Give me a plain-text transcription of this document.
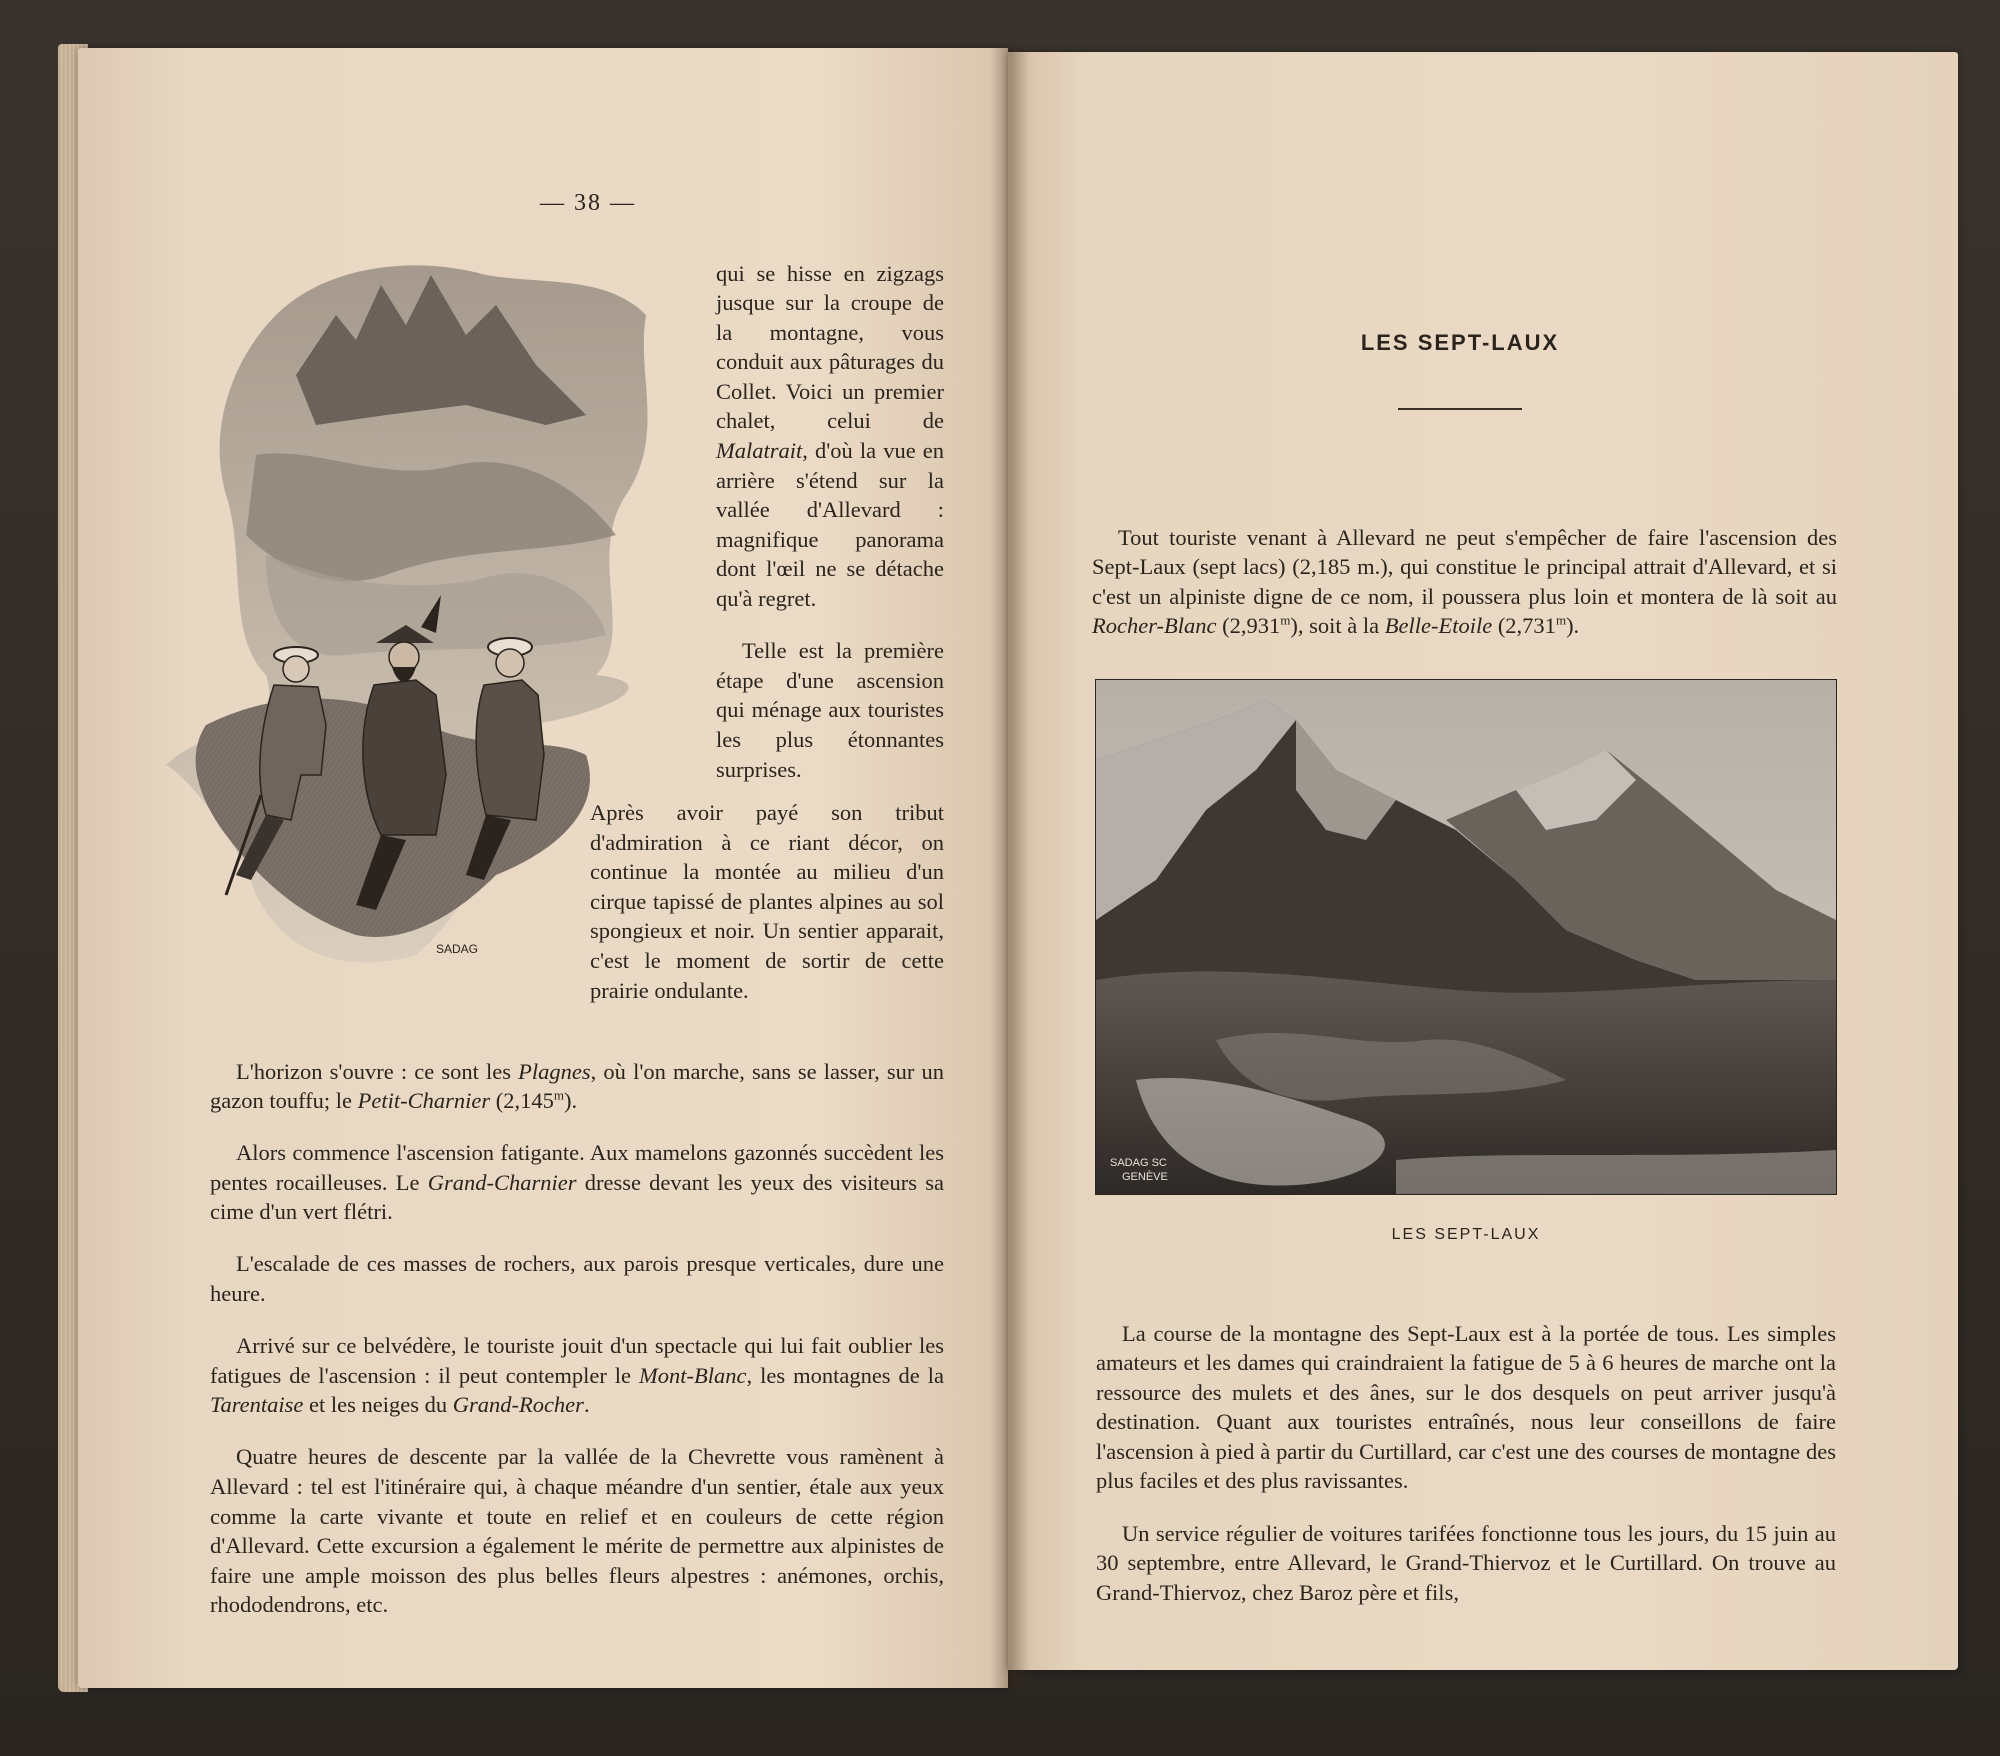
— 38 —
SADAG

qui se hisse en zigzags jusque sur la croupe de la montagne, vous conduit aux pâturages du Collet. Voici un premier chalet, celui de Malatrait, d'où la vue en arrière s'étend sur la vallée d'Allevard : magnifique panorama dont l'œil ne se détache qu'à regret.

Telle est la première étape d'une ascension qui ménage aux touristes les plus étonnantes surprises.

Après avoir payé son tribut d'admiration à ce riant décor, on continue la montée au milieu d'un cirque tapissé de plantes alpines au sol spongieux et noir. Un sentier apparait, c'est le moment de sortir de cette prairie ondulante.

L'horizon s'ouvre : ce sont les Plagnes, où l'on marche, sans se lasser, sur un gazon touffu; le Petit-Charnier (2,145$^m$).

Alors commence l'ascension fatigante. Aux mamelons gazonnés succèdent les pentes rocailleuses. Le Grand-Charnier dresse devant les yeux des visiteurs sa cime d'un vert flétri.

L'escalade de ces masses de rochers, aux parois presque verticales, dure une heure.

Arrivé sur ce belvédère, le touriste jouit d'un spectacle qui lui fait oublier les fatigues de l'ascension : il peut contempler le Mont-Blanc, les montagnes de la Tarentaise et les neiges du Grand-Rocher.

Quatre heures de descente par la vallée de la Chevrette vous ramènent à Allevard : tel est l'itinéraire qui, à chaque méandre d'un sentier, étale aux yeux comme la carte vivante et toute en relief et en couleurs de cette région d'Allevard. Cette excursion a également le mérite de permettre aux alpinistes de faire une ample moisson des plus belles fleurs alpestres : anémones, orchis, rhododendrons, etc.

LES SEPT-LAUX

Tout touriste venant à Allevard ne peut s'empêcher de faire l'ascension des Sept-Laux (sept lacs) (2,185 m.), qui constitue le principal attrait d'Allevard, et si c'est un alpiniste digne de ce nom, il poussera plus loin et montera de là soit au Rocher-Blanc (2,931$^m$), soit à la Belle-Etoile (2,731$^m$).

SADAG SC
GENÈVE
LES SEPT-LAUX

La course de la montagne des Sept-Laux est à la portée de tous. Les simples amateurs et les dames qui craindraient la fatigue de 5 à 6 heures de marche ont la ressource des mulets et des ânes, sur le dos desquels on peut arriver jusqu'à destination. Quant aux touristes entraînés, nous leur conseillons de faire l'ascension à pied à partir du Curtillard, car c'est une des courses de montagne des plus faciles et des plus ravissantes.

Un service régulier de voitures tarifées fonctionne tous les jours, du 15 juin au 30 septembre, entre Allevard, le Grand-Thiervoz et le Curtillard. On trouve au Grand-Thiervoz, chez Baroz père et fils,
